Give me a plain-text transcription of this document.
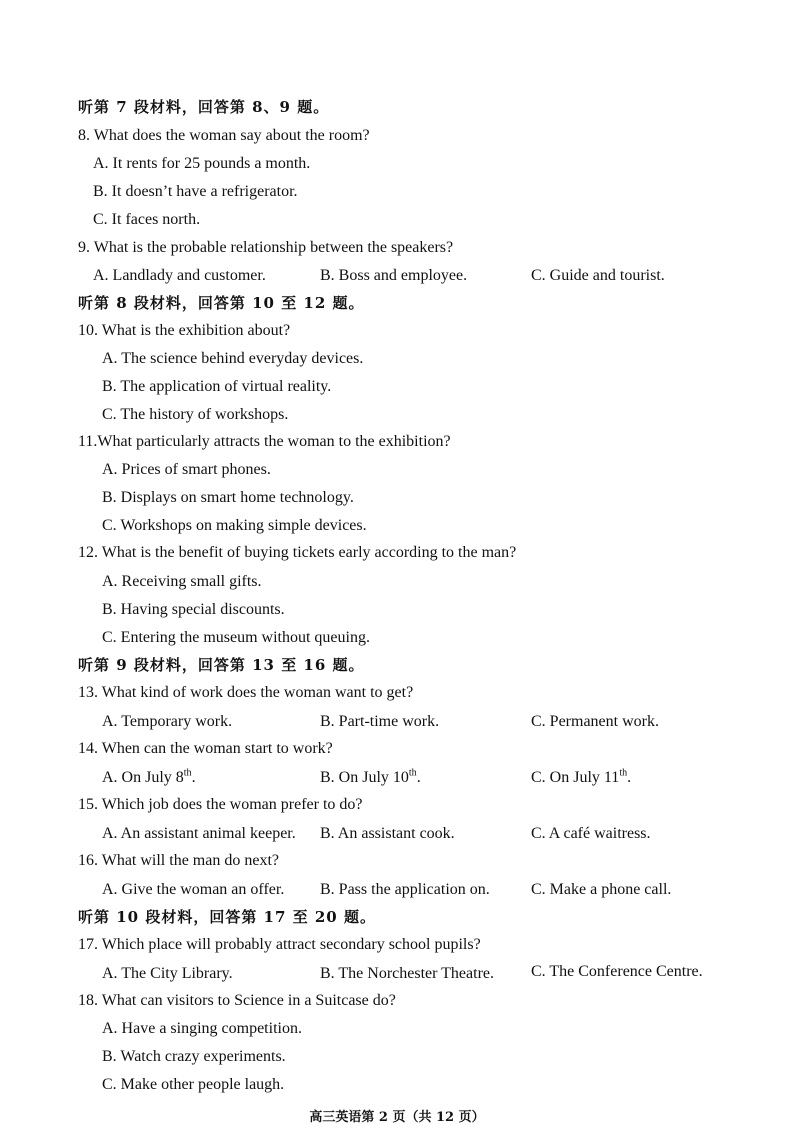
听第 7 段材料，回答第 8、9 题。
8. What does the woman say about the room?
A. It rents for 25 pounds a month.
B. It doesn’t have a refrigerator.
C. It faces north.
9. What is the probable relationship between the speakers?
A. Landlady and customer.	B. Boss and employee.	C. Guide and tourist.
听第 8 段材料，回答第 10 至 12 题。
10. What is the exhibition about?
A. The science behind everyday devices.
B. The application of virtual reality.
C. The history of workshops.
11.What particularly attracts the woman to the exhibition?
A. Prices of smart phones.
B. Displays on smart home technology.
C. Workshops on making simple devices.
12. What is the benefit of buying tickets early according to the man?
A. Receiving small gifts.
B. Having special discounts.
C. Entering the museum without queuing.
听第 9 段材料，回答第 13 至 16 题。
13. What kind of work does the woman want to get?
A. Temporary work.	B. Part-time work.	C. Permanent work.
14. When can the woman start to work?
A. On July 8th.	B. On July 10th.	C. On July 11th.
15. Which job does the woman prefer to do?
A. An assistant animal keeper. B. An assistant cook.	C. A café waitress.
16. What will the man do next?
A. Give the woman an offer. B. Pass the application on.	C. Make a phone call.
听第 10 段材料，回答第 17 至 20 题。
17. Which place will probably attract secondary school pupils?
A. The City Library.	B. The Norchester Theatre. C. The Conference Centre.
18. What can visitors to Science in a Suitcase do?
A. Have a singing competition.
B. Watch crazy experiments.
C. Make other people laugh.
高三英语第 2 页（共 12 页）
